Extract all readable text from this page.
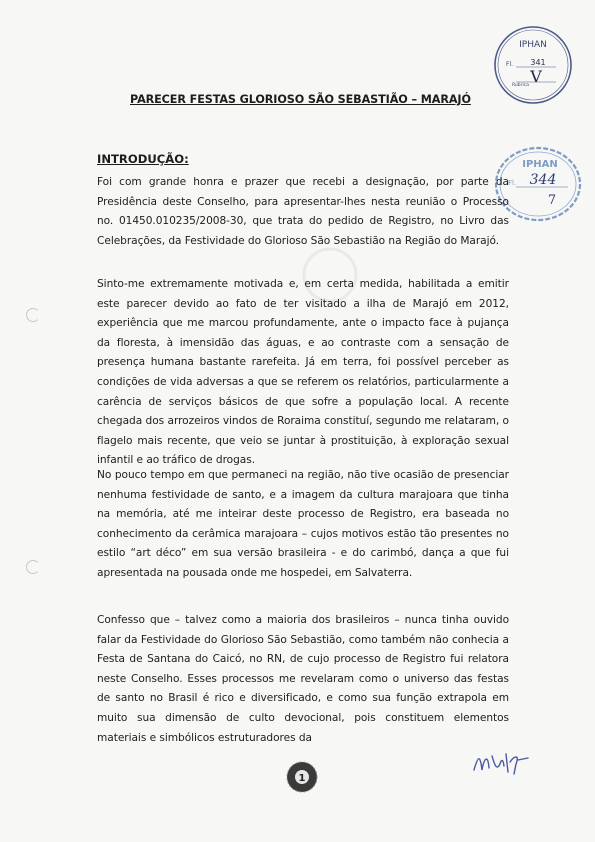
PARECER FESTAS GLORIOSO SÃO SEBASTIÃO – MARAJÓ
IPHAN
Fl. 341
Rubrica V
IPHAN
Fl. 344
7
INTRODUÇÃO:

Foi com grande honra e prazer que recebi a designação, por parte da Presidência deste Conselho, para apresentar-lhes nesta reunião o Processo no. 01450.010235/2008-30, que trata do pedido de Registro, no Livro das Celebrações, da Festividade do Glorioso São Sebastião na Região do Marajó.

Sinto-me extremamente motivada e, em certa medida, habilitada a emitir este parecer devido ao fato de ter visitado a ilha de Marajó em 2012, experiência que me marcou profundamente, ante o impacto face à pujança da floresta, à imensidão das águas, e ao contraste com a sensação de presença humana bastante rarefeita. Já em terra, foi possível perceber as condições de vida adversas a que se referem os relatórios, particularmente a carência de serviços básicos de que sofre a população local. A recente chegada dos arrozeiros vindos de Roraima constituí, segundo me relataram, o flagelo mais recente, que veio se juntar à prostituição, à exploração sexual infantil e ao tráfico de drogas.

No pouco tempo em que permaneci na região, não tive ocasião de presenciar nenhuma festividade de santo, e a imagem da cultura marajoara que tinha na memória, até me inteirar deste processo de Registro, era baseada no conhecimento da cerâmica marajoara – cujos motivos estão tão presentes no estilo “art déco” em sua versão brasileira - e do carimbó, dança a que fui apresentada na pousada onde me hospedei, em Salvaterra.

Confesso que – talvez como a maioria dos brasileiros – nunca tinha ouvido falar da Festividade do Glorioso São Sebastião, como também não conhecia a Festa de Santana do Caicó, no RN, de cujo processo de Registro fui relatora neste Conselho. Esses processos me revelaram como o universo das festas de santo no Brasil é rico e diversificado, e como sua função extrapola em muito sua dimensão de culto devocional, pois constituem elementos materiais e simbólicos estruturadores da

1
